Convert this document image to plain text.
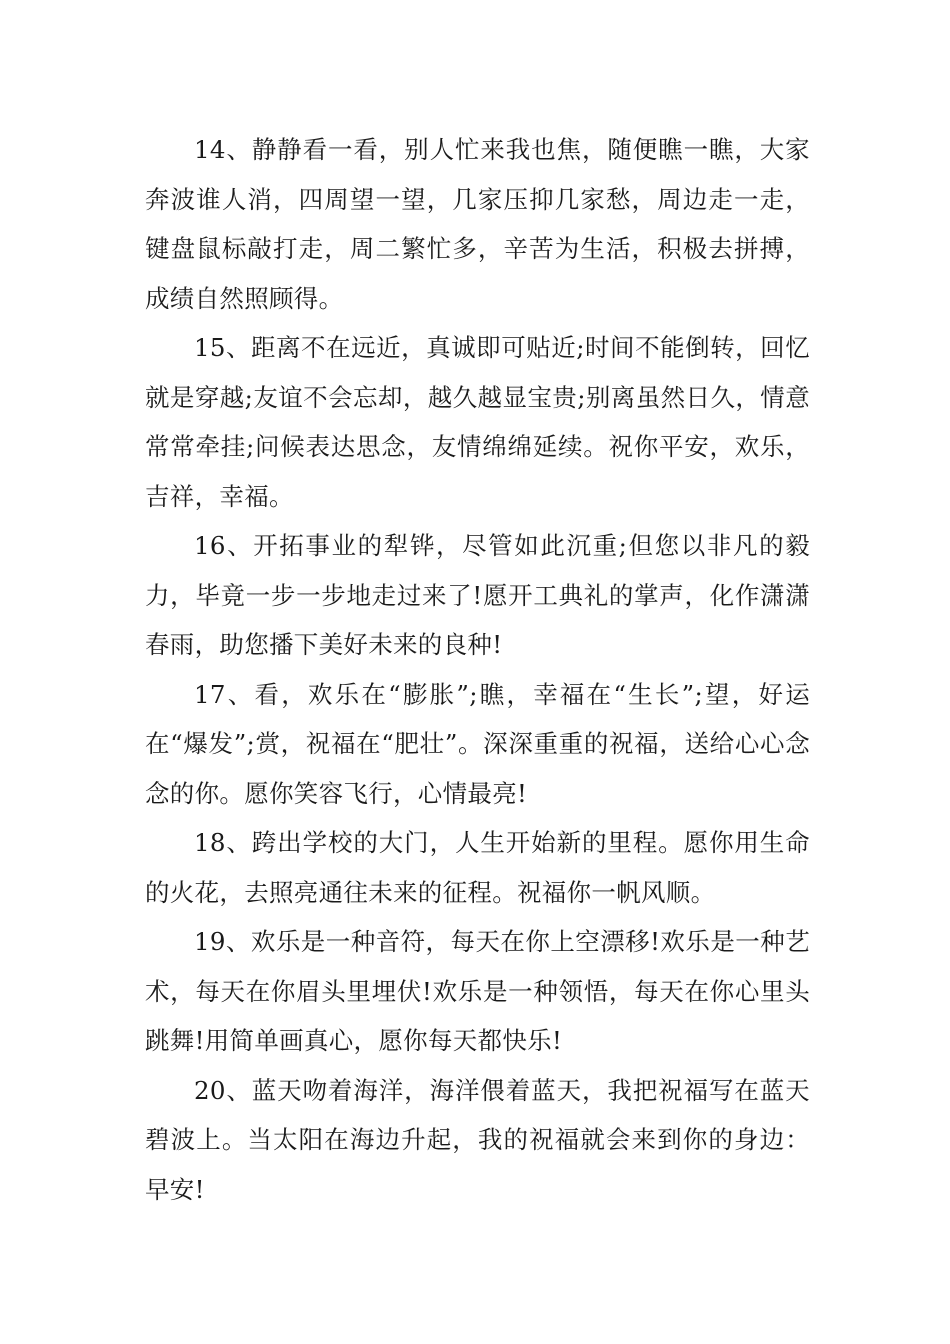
14、静静看一看，别人忙来我也焦，随便瞧一瞧，大家奔波谁人消，四周望一望，几家压抑几家愁，周边走一走，键盘鼠标敲打走，周二繁忙多，辛苦为生活，积极去拼搏，成绩自然照顾得。

15、距离不在远近，真诚即可贴近;时间不能倒转，回忆就是穿越;友谊不会忘却，越久越显宝贵;别离虽然日久，情意常常牵挂;问候表达思念，友情绵绵延续。祝你平安，欢乐，吉祥，幸福。

16、开拓事业的犁铧，尽管如此沉重;但您以非凡的毅力，毕竟一步一步地走过来了!愿开工典礼的掌声，化作潇潇春雨，助您播下美好未来的良种!

17、看，欢乐在“膨胀”;瞧，幸福在“生长”;望，好运在“爆发”;赏，祝福在“肥壮”。深深重重的祝福，送给心心念念的你。愿你笑容飞行，心情最亮!

18、跨出学校的大门，人生开始新的里程。愿你用生命的火花，去照亮通往未来的征程。祝福你一帆风顺。

19、欢乐是一种音符，每天在你上空漂移!欢乐是一种艺术，每天在你眉头里埋伏!欢乐是一种领悟，每天在你心里头跳舞!用简单画真心，愿你每天都快乐!

20、蓝天吻着海洋，海洋偎着蓝天，我把祝福写在蓝天碧波上。当太阳在海边升起，我的祝福就会来到你的身边：早安!
